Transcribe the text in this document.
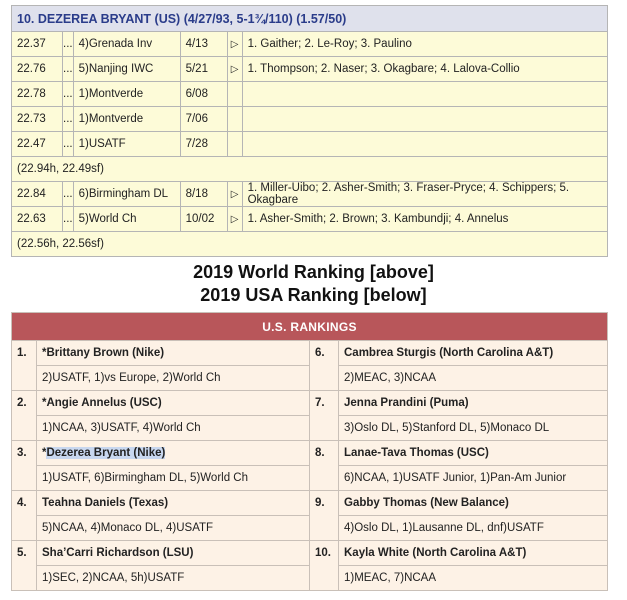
10. DEZEREA BRYANT (US) (4/27/93, 5-1¾/110) (1.57/50)					
22.37	...	4)Grenada Inv	4/13	▷	1. Gaither; 2. Le-Roy; 3. Paulino
22.76	...	5)Nanjing IWC	5/21	▷	1. Thompson; 2. Naser; 3. Okagbare; 4. Lalova-Collio
22.78	...	1)Montverde	6/08		
22.73	...	1)Montverde	7/06		
22.47	...	1)USATF	7/28		
(22.94h, 22.49sf)					
22.84	...	6)Birmingham DL	8/18	▷	1. Miller-Uibo; 2. Asher-Smith; 3. Fraser-Pryce; 4. Schippers; 5. Okagbare
22.63	...	5)World Ch	10/02	▷	1. Asher-Smith; 2. Brown; 3. Kambundji; 4. Annelus
(22.56h, 22.56sf)					
2019 World Ranking [above]
2019 USA Ranking [below]
U.S. RANKINGS			
1.	*Brittany Brown (Nike)	6.	Cambrea Sturgis (North Carolina A&T)
	2)USATF, 1)vs Europe, 2)World Ch		2)MEAC, 3)NCAA
2.	*Angie Annelus (USC)	7.	Jenna Prandini (Puma)
	1)NCAA, 3)USATF, 4)World Ch		3)Oslo DL, 5)Stanford DL, 5)Monaco DL
3.	*Dezerea Bryant (Nike)	8.	Lanae-Tava Thomas (USC)
	1)USATF, 6)Birmingham DL, 5)World Ch		6)NCAA, 1)USATF Junior, 1)Pan-Am Junior
4.	Teahna Daniels (Texas)	9.	Gabby Thomas (New Balance)
	5)NCAA, 4)Monaco DL, 4)USATF		4)Oslo DL, 1)Lausanne DL, dnf)USATF
5.	Sha’Carri Richardson (LSU)	10.	Kayla White (North Carolina A&T)
	1)SEC, 2)NCAA, 5h)USATF		1)MEAC, 7)NCAA
